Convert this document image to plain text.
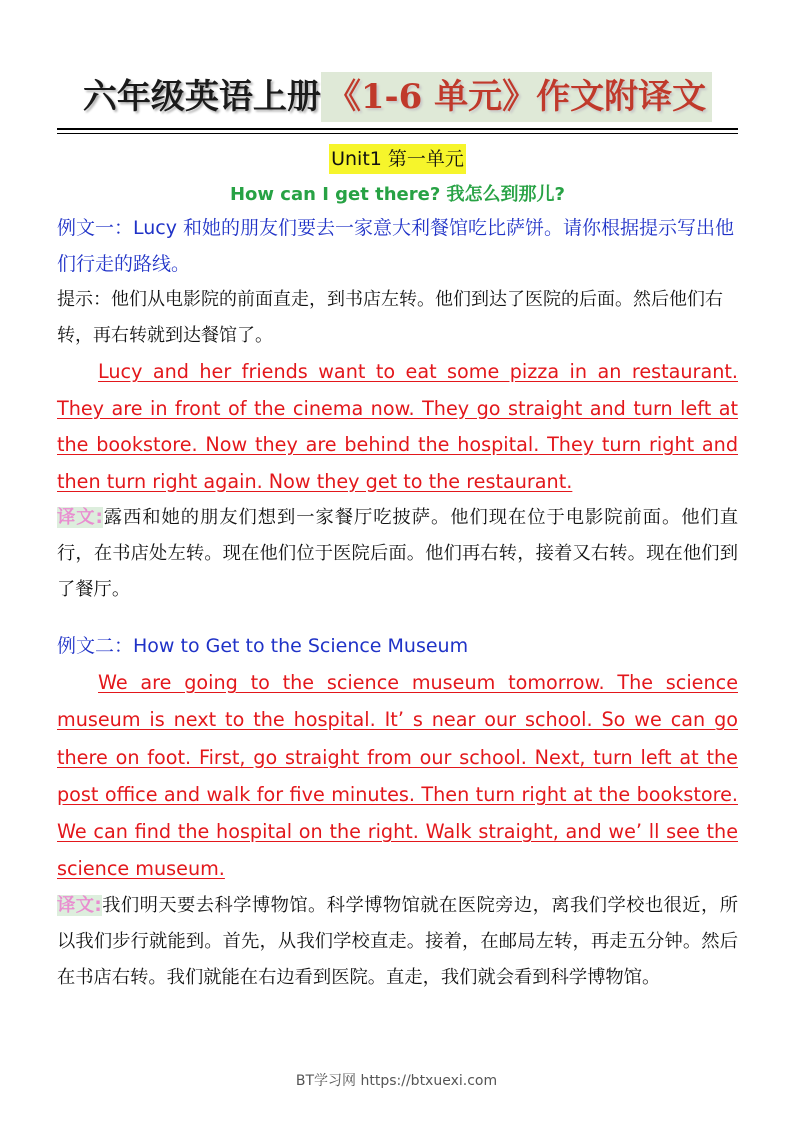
六年级英语上册 《1-6 单元》作文附译文
Unit1 第一单元
How can I get there? 我怎么到那儿?

例文一：Lucy 和她的朋友们要去一家意大利餐馆吃比萨饼。请你根据提示写出他们行走的路线。

提示：他们从电影院的前面直走，到书店左转。他们到达了医院的后面。然后他们右转，再右转就到达餐馆了。

Lucy and her friends want to eat some pizza in an restaurant. They are in front of the cinema now. They go straight and turn left at the bookstore. Now they are behind the hospital. They turn right and then turn right again. Now they get to the restaurant.

译文:露西和她的朋友们想到一家餐厅吃披萨。他们现在位于电影院前面。他们直行，在书店处左转。现在他们位于医院后面。他们再右转，接着又右转。现在他们到了餐厅。

例文二：How to Get to the Science Museum

We are going to the science museum tomorrow. The science museum is next to the hospital. It’ s near our school. So we can go there on foot. First, go straight from our school. Next, turn left at the post office and walk for five minutes. Then turn right at the bookstore. We can find the hospital on the right. Walk straight, and we’ ll see the science museum.

译文:我们明天要去科学博物馆。科学博物馆就在医院旁边，离我们学校也很近，所以我们步行就能到。首先，从我们学校直走。接着，在邮局左转，再走五分钟。然后在书店右转。我们就能在右边看到医院。直走，我们就会看到科学博物馆。

BT学习网 https://btxuexi.com
